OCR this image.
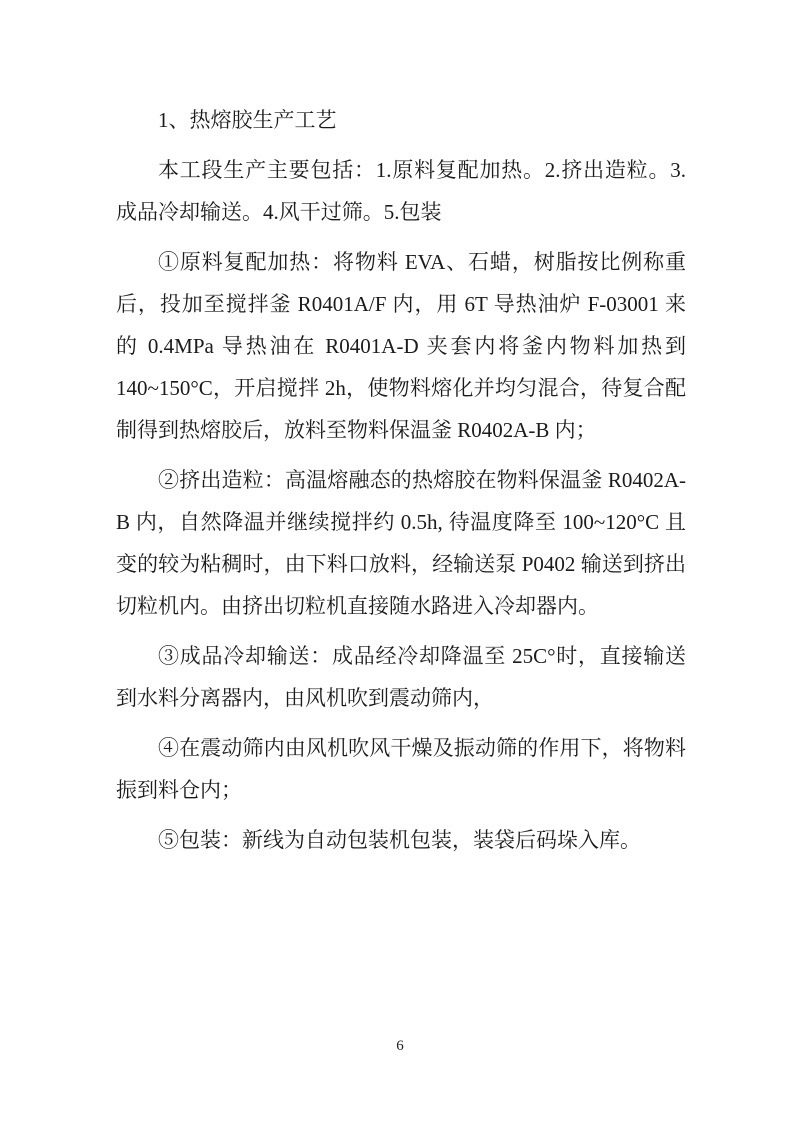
1、热熔胶生产工艺

本工段生产主要包括：1.原料复配加热。2.挤出造粒。3.成品冷却输送。4.风干过筛。5.包装

①原料复配加热：将物料 EVA、石蜡，树脂按比例称重后，投加至搅拌釜 R0401A/F 内，用 6T 导热油炉 F-03001 来的 0.4MPa 导热油在 R0401A-D 夹套内将釜内物料加热到 140~150°C，开启搅拌 2h，使物料熔化并均匀混合，待复合配制得到热熔胶后，放料至物料保温釜 R0402A-B 内；

②挤出造粒：高温熔融态的热熔胶在物料保温釜 R0402A-B 内，自然降温并继续搅拌约 0.5h, 待温度降至 100~120°C 且变的较为粘稠时，由下料口放料，经输送泵 P0402 输送到挤出切粒机内。由挤出切粒机直接随水路进入冷却器内。

③成品冷却输送：成品经冷却降温至 25C°时，直接输送到水料分离器内，由风机吹到震动筛内，

④在震动筛内由风机吹风干燥及振动筛的作用下，将物料振到料仓内；

⑤包装：新线为自动包装机包装，装袋后码垛入库。

6
